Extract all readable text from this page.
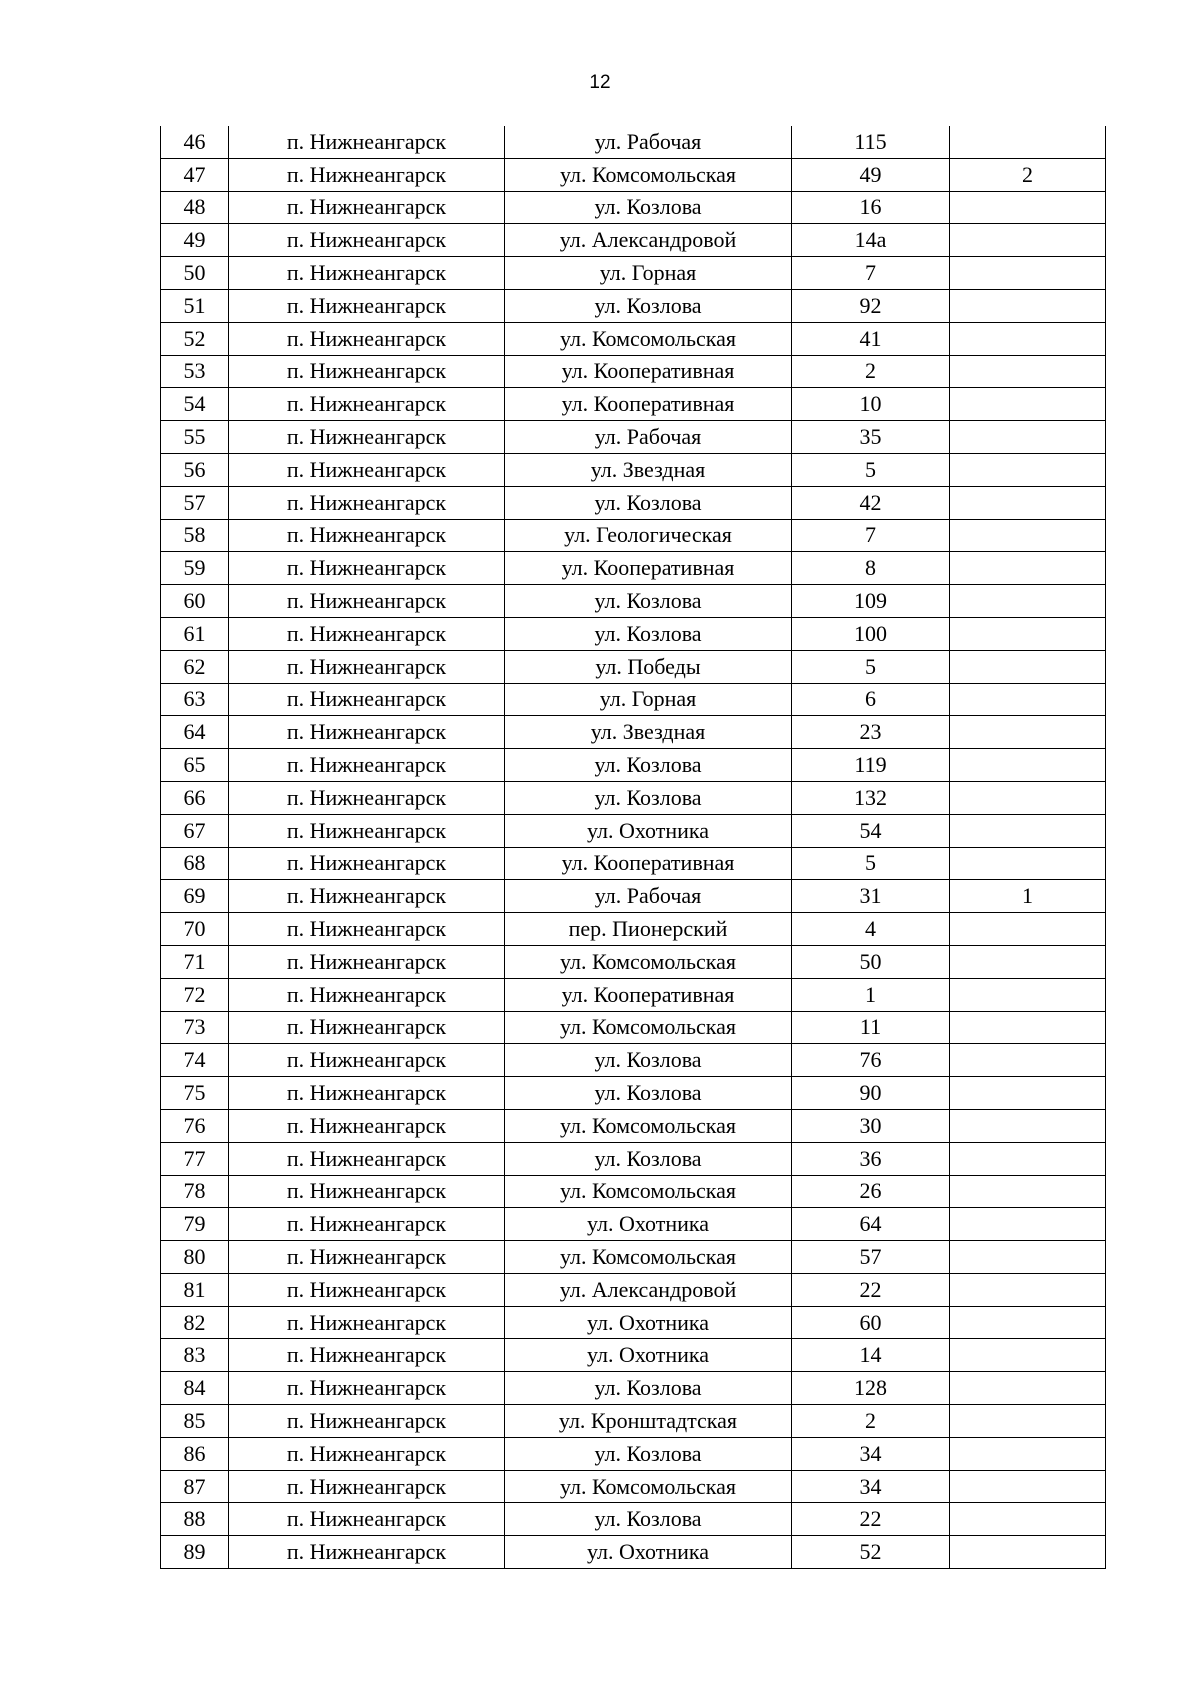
12
46	п. Нижнеангарск	ул. Рабочая	115	
47	п. Нижнеангарск	ул. Комсомольская	49	2
48	п. Нижнеангарск	ул. Козлова	16	
49	п. Нижнеангарск	ул. Александровой	14а	
50	п. Нижнеангарск	ул. Горная	7	
51	п. Нижнеангарск	ул. Козлова	92	
52	п. Нижнеангарск	ул. Комсомольская	41	
53	п. Нижнеангарск	ул. Кооперативная	2	
54	п. Нижнеангарск	ул. Кооперативная	10	
55	п. Нижнеангарск	ул. Рабочая	35	
56	п. Нижнеангарск	ул. Звездная	5	
57	п. Нижнеангарск	ул. Козлова	42	
58	п. Нижнеангарск	ул. Геологическая	7	
59	п. Нижнеангарск	ул. Кооперативная	8	
60	п. Нижнеангарск	ул. Козлова	109	
61	п. Нижнеангарск	ул. Козлова	100	
62	п. Нижнеангарск	ул. Победы	5	
63	п. Нижнеангарск	ул. Горная	6	
64	п. Нижнеангарск	ул. Звездная	23	
65	п. Нижнеангарск	ул. Козлова	119	
66	п. Нижнеангарск	ул. Козлова	132	
67	п. Нижнеангарск	ул. Охотника	54	
68	п. Нижнеангарск	ул. Кооперативная	5	
69	п. Нижнеангарск	ул. Рабочая	31	1
70	п. Нижнеангарск	пер. Пионерский	4	
71	п. Нижнеангарск	ул. Комсомольская	50	
72	п. Нижнеангарск	ул. Кооперативная	1	
73	п. Нижнеангарск	ул. Комсомольская	11	
74	п. Нижнеангарск	ул. Козлова	76	
75	п. Нижнеангарск	ул. Козлова	90	
76	п. Нижнеангарск	ул. Комсомольская	30	
77	п. Нижнеангарск	ул. Козлова	36	
78	п. Нижнеангарск	ул. Комсомольская	26	
79	п. Нижнеангарск	ул. Охотника	64	
80	п. Нижнеангарск	ул. Комсомольская	57	
81	п. Нижнеангарск	ул. Александровой	22	
82	п. Нижнеангарск	ул. Охотника	60	
83	п. Нижнеангарск	ул. Охотника	14	
84	п. Нижнеангарск	ул. Козлова	128	
85	п. Нижнеангарск	ул. Кронштадтская	2	
86	п. Нижнеангарск	ул. Козлова	34	
87	п. Нижнеангарск	ул. Комсомольская	34	
88	п. Нижнеангарск	ул. Козлова	22	
89	п. Нижнеангарск	ул. Охотника	52	
